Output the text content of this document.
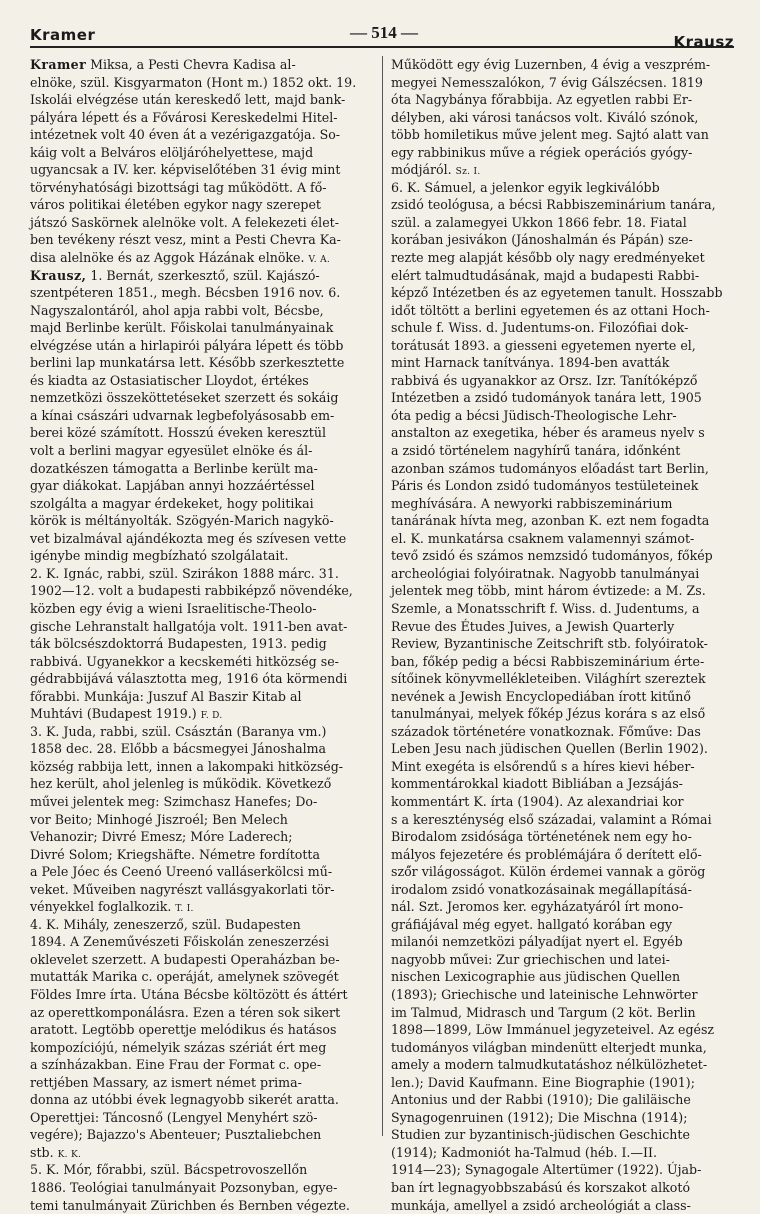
Kramer	— 514 —	Krausz
Kramer Miksa, a Pesti Chevra Kadisa al-
elnöke, szül. Kisgyarmaton (Hont m.) 1852 okt. 19.
Iskolái elvégzése után kereskedő lett, majd bank-
pályára lépett és a Fővárosi Kereskedelmi Hitel-
intézetnek volt 40 éven át a vezérigazgatója. So-
káig volt a Belváros elöljáróhelyettese, majd
ugyancsak a IV. ker. képviselőtében 31 évig mint
törvényhatósági bizottsági tag működött. A fő-
város politikai életében egykor nagy szerepet
játszó Saskörnek alelnöke volt. A felekezeti élet-
ben tevékeny részt vesz, mint a Pesti Chevra Ka-
disa alelnöke és az Aggok Házának elnöke. V. A.
Krausz, 1. Bernát, szerkesztő, szül. Kajászó-
szentpéteren 1851., megh. Bécsben 1916 nov. 6.
Nagyszalontáról, ahol apja rabbi volt, Bécsbe,
majd Berlinbe került. Főiskolai tanulmányainak
elvégzése után a hirlapirói pályára lépett és több
berlini lap munkatársa lett. Később szerkesztette
és kiadta az Ostasiatischer Lloydot, értékes
nemzetközi összeköttetéseket szerzett és sokáig
a kínai császári udvarnak legbefolyásosabb em-
berei közé számított. Hosszú éveken keresztül
volt a berlini magyar egyesület elnöke és ál-
dozatkészen támogatta a Berlinbe került ma-
gyar diákokat. Lapjában annyi hozzáértéssel
szolgálta a magyar érdekeket, hogy politikai
körök is méltányolták. Szögyén-Marich nagykö-
vet bizalmával ajándékozta meg és szívesen vette
igénybe mindig megbízható szolgálatait.
2. K. Ignác, rabbi, szül. Szirákon 1888 márc. 31.
1902—12. volt a budapesti rabbiképző növendéke,
közben egy évig a wieni Israelitische-Theolo-
gische Lehranstalt hallgatója volt. 1911-ben avat-
ták bölcsészdoktorrá Budapesten, 1913. pedig
rabbivá. Ugyanekkor a kecskeméti hitközség se-
gédrabbijává választotta meg, 1916 óta körmendi
főrabbi. Munkája: Juszuf Al Baszir Kitab al
Muhtávi (Budapest 1919.) F. D.
3. K. Juda, rabbi, szül. Császtán (Baranya vm.)
1858 dec. 28. Előbb a bácsmegyei Jánoshalma
község rabbija lett, innen a lakompaki hitközség-
hez került, ahol jelenleg is működik. Következő
művei jelentek meg: Szimchasz Hanefes; Do-
vor Beito; Minhogé Jiszroél; Ben Melech
Vehanozir; Divré Emesz; Móre Laderech;
Divré Solom; Kriegshäfte. Németre fordította
a Pele Jóec és Ceenó Ureenó valláserkölcsi mű-
veket. Műveiben nagyrészt vallásgyakorlati tör-
vényekkel foglalkozik. T. I.
4. K. Mihály, zeneszerző, szül. Budapesten
1894. A Zeneművészeti Főiskolán zeneszerzési
oklevelet szerzett. A budapesti Operaházban be-
mutatták Marika c. operáját, amelynek szövegét
Földes Imre írta. Utána Bécsbe költözött és áttért
az operettkomponálásra. Ezen a téren sok sikert
aratott. Legtöbb operettje melódikus és hatásos
kompozíciójú, némelyik százas szériát ért meg
a színházakban. Eine Frau der Format c. ope-
rettjében Massary, az ismert német prima-
donna az utóbbi évek legnagyobb sikerét aratta.
Operettjei: Táncosnő (Lengyel Menyhért szö-
vegére); Bajazzo's Abenteuer; Pusztaliebchen
stb. K. K.
5. K. Mór, főrabbi, szül. Bácspetrovoszellőn
1886. Teológiai tanulmányait Pozsonyban, egye-
temi tanulmányait Zürichben és Bernben végezte.
Működött egy évig Luzernben, 4 évig a veszprém-
megyei Nemesszalókon, 7 évig Gálszécsen. 1819
óta Nagybánya főrabbija. Az egyetlen rabbi Er-
délyben, aki városi tanácsos volt. Kiváló szónok,
több homiletikus műve jelent meg. Sajtó alatt van
egy rabbinikus műve a régiek operációs gyógy-
módjáról. Sz. I.
6. K. Sámuel, a jelenkor egyik legkiválóbb
zsidó teológusa, a bécsi Rabbiszeminárium tanára,
szül. a zalamegyei Ukkon 1866 febr. 18. Fiatal
korában jesivákon (Jánoshalmán és Pápán) sze-
rezte meg alapját később oly nagy eredményeket
elért talmudtudásának, majd a budapesti Rabbi-
képző Intézetben és az egyetemen tanult. Hosszabb
időt töltött a berlini egyetemen és az ottani Hoch-
schule f. Wiss. d. Judentums-on. Filozófiai dok-
torátusát 1893. a giesseni egyetemen nyerte el,
mint Harnack tanítványa. 1894-ben avatták
rabbivá és ugyanakkor az Orsz. Izr. Tanítóképző
Intézetben a zsidó tudományok tanára lett, 1905
óta pedig a bécsi Jüdisch-Theologische Lehr-
anstalton az exegetika, héber és arameus nyelv s
a zsidó történelem nagyhírű tanára, időnként
azonban számos tudományos előadást tart Berlin,
Páris és London zsidó tudományos testületeinek
meghívására. A newyorki rabbiszeminárium
tanárának hívta meg, azonban K. ezt nem fogadta
el. K. munkatársa csaknem valamennyi számot-
tevő zsidó és számos nemzsidó tudományos, főkép
archeológiai folyóiratnak. Nagyobb tanulmányai
jelentek meg több, mint három évtizede: a M. Zs.
Szemle, a Monatsschrift f. Wiss. d. Judentums, a
Revue des Études Juives, a Jewish Quarterly
Review, Byzantinische Zeitschrift stb. folyóiratok-
ban, főkép pedig a bécsi Rabbiszeminárium érte-
sítőinek könyvmellékleteiben. Világhírt szereztek
nevének a Jewish Encyclopediában írott kitűnő
tanulmányai, melyek főkép Jézus korára s az első
századok történetére vonatkoznak. Főműve: Das
Leben Jesu nach jüdischen Quellen (Berlin 1902).
Mint exegéta is elsőrendű s a híres kievi héber-
kommentárokkal kiadott Bibliában a Jezsájás-
kommentárt K. írta (1904). Az alexandriai kor
s a kereszténység első századai, valamint a Római
Birodalom zsidósága történetének nem egy ho-
mályos fejezetére és problémájára ő derített elő-
sző̋r világosságot. Külön érdemei vannak a görög
irodalom zsidó vonatkozásainak megállapításá-
nál. Szt. Jeromos ker. egyházatyáról írt mono-
gráfiájával még egyet. hallgató korában egy
milanói nemzetközi pályadíjat nyert el. Egyéb
nagyobb művei: Zur griechischen und latei-
nischen Lexicographie aus jüdischen Quellen
(1893); Griechische und lateinische Lehnwörter
im Talmud, Midrasch und Targum (2 köt. Berlin
1898—1899, Löw Immánuel jegyzeteivel. Az egész
tudományos világban mindenütt elterjedt munka,
amely a modern talmudkutatáshoz nélkülözhetet-
len.); David Kaufmann. Eine Biographie (1901);
Antonius und der Rabbi (1910); Die galiläische
Synagogenruinen (1912); Die Mischna (1914);
Studien zur byzantinisch-jüdischen Geschichte
(1914); Kadmoniót ha-Talmud (héb. I.—II.
1914—23); Synagogale Altertümer (1922). Újab-
ban írt legnagyobbszabású és korszakot alkotó
munkája, amellyel a zsidó archeológiát a class-
